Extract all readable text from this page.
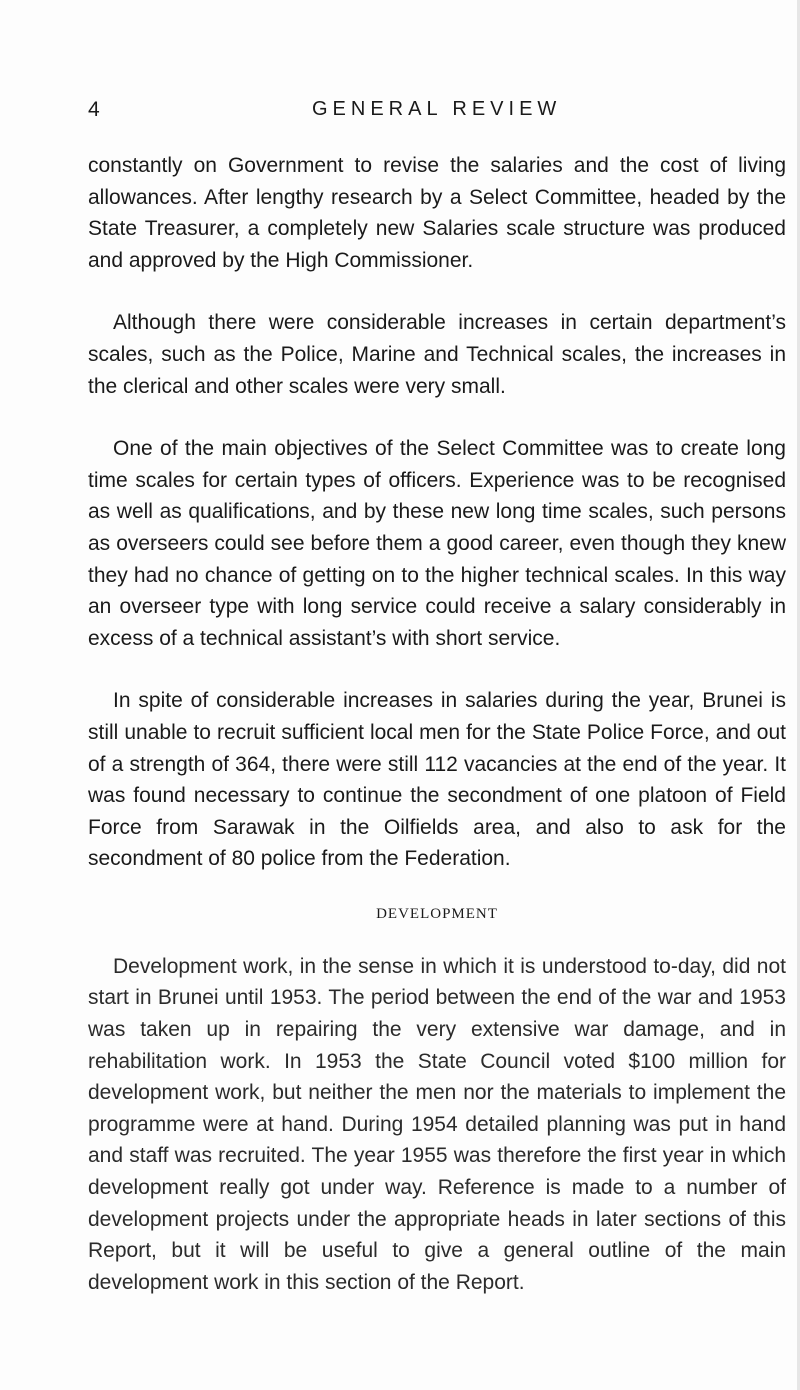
4	GENERAL REVIEW

constantly on Government to revise the salaries and the cost of living allowances. After lengthy research by a Select Committee, headed by the State Treasurer, a completely new Salaries scale structure was produced and approved by the High Commissioner.

Although there were considerable increases in certain department’s scales, such as the Police, Marine and Technical scales, the increases in the clerical and other scales were very small.

One of the main objectives of the Select Committee was to create long time scales for certain types of officers. Experience was to be recognised as well as qualifications, and by these new long time scales, such persons as overseers could see before them a good career, even though they knew they had no chance of getting on to the higher technical scales. In this way an overseer type with long service could receive a salary considerably in excess of a technical assistant’s with short service.

In spite of considerable increases in salaries during the year, Brunei is still unable to recruit sufficient local men for the State Police Force, and out of a strength of 364, there were still 112 vacancies at the end of the year. It was found necessary to continue the secondment of one platoon of Field Force from Sarawak in the Oilfields area, and also to ask for the secondment of 80 police from the Federation.

DEVELOPMENT

Development work, in the sense in which it is understood to-day, did not start in Brunei until 1953. The period between the end of the war and 1953 was taken up in repairing the very extensive war damage, and in rehabilitation work. In 1953 the State Council voted $100 million for development work, but neither the men nor the materials to implement the programme were at hand. During 1954 detailed planning was put in hand and staff was recruited. The year 1955 was therefore the first year in which development really got under way. Reference is made to a number of development projects under the appropriate heads in later sections of this Report, but it will be useful to give a general outline of the main development work in this section of the Report.
